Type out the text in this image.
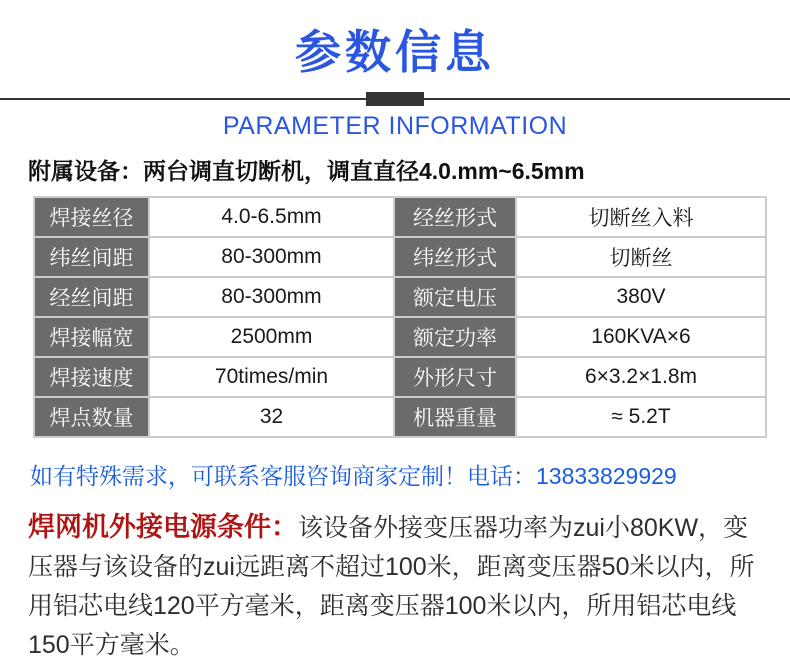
参数信息
PARAMETER INFORMATION
附属设备：两台调直切断机，调直直径4.0.mm~6.5mm
焊接丝径	4.0-6.5mm	经丝形式	切断丝入料
纬丝间距	80-300mm	纬丝形式	切断丝
经丝间距	80-300mm	额定电压	380V
焊接幅宽	2500mm	额定功率	160KVA×6
焊接速度	70times/min	外形尺寸	6×3.2×1.8m
焊点数量	32	机器重量	≈ 5.2T
如有特殊需求，可联系客服咨询商家定制！电话：13833829929
焊网机外接电源条件：该设备外接变压器功率为zui小80KW，变压器与该设备的zui远距离不超过100米，距离变压器50米以内，所用铝芯电线120平方毫米，距离变压器100米以内，所用铝芯电线150平方毫米。
